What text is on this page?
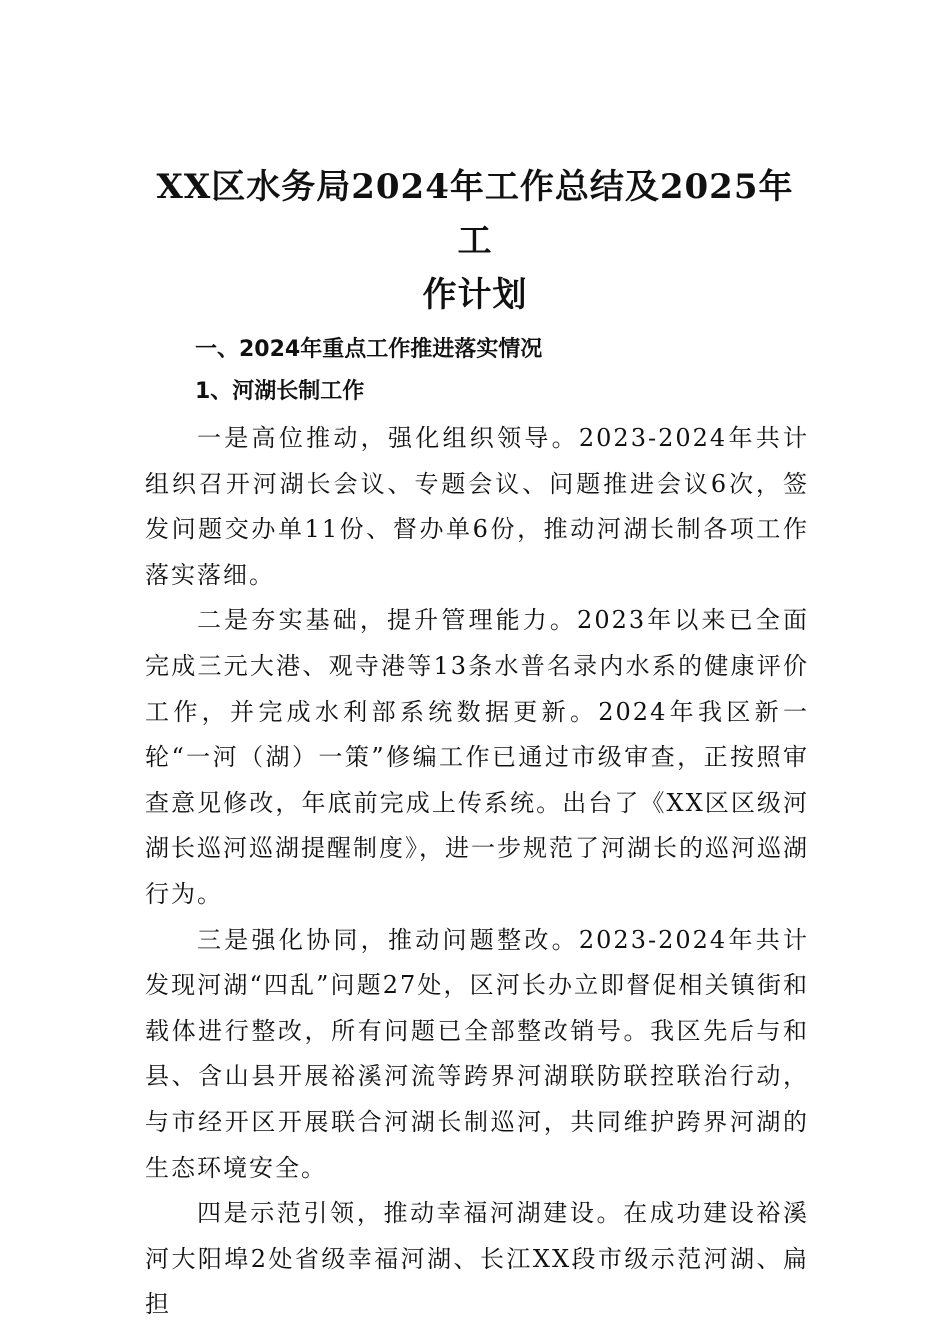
XX区水务局2024年工作总结及2025年工
作计划
一、2024年重点工作推进落实情况
1、河湖长制工作

一是高位推动，强化组织领导。2023-2024年共计组织召开河湖长会议、专题会议、问题推进会议6次，签发问题交办单11份、督办单6份，推动河湖长制各项工作落实落细。

二是夯实基础，提升管理能力。2023年以来已全面完成三元大港、观寺港等13条水普名录内水系的健康评价工作，并完成水利部系统数据更新。2024年我区新一轮“一河（湖）一策”修编工作已通过市级审查，正按照审查意见修改，年底前完成上传系统。出台了《XX区区级河湖长巡河巡湖提醒制度》，进一步规范了河湖长的巡河巡湖行为。

三是强化协同，推动问题整改。2023-2024年共计发现河湖“四乱”问题27处，区河长办立即督促相关镇街和载体进行整改，所有问题已全部整改销号。我区先后与和县、含山县开展裕溪河流等跨界河湖联防联控联治行动，与市经开区开展联合河湖长制巡河，共同维护跨界河湖的生态环境安全。

四是示范引领，推动幸福河湖建设。在成功建设裕溪河大阳埠2处省级幸福河湖、长江XX段市级示范河湖、扁担
